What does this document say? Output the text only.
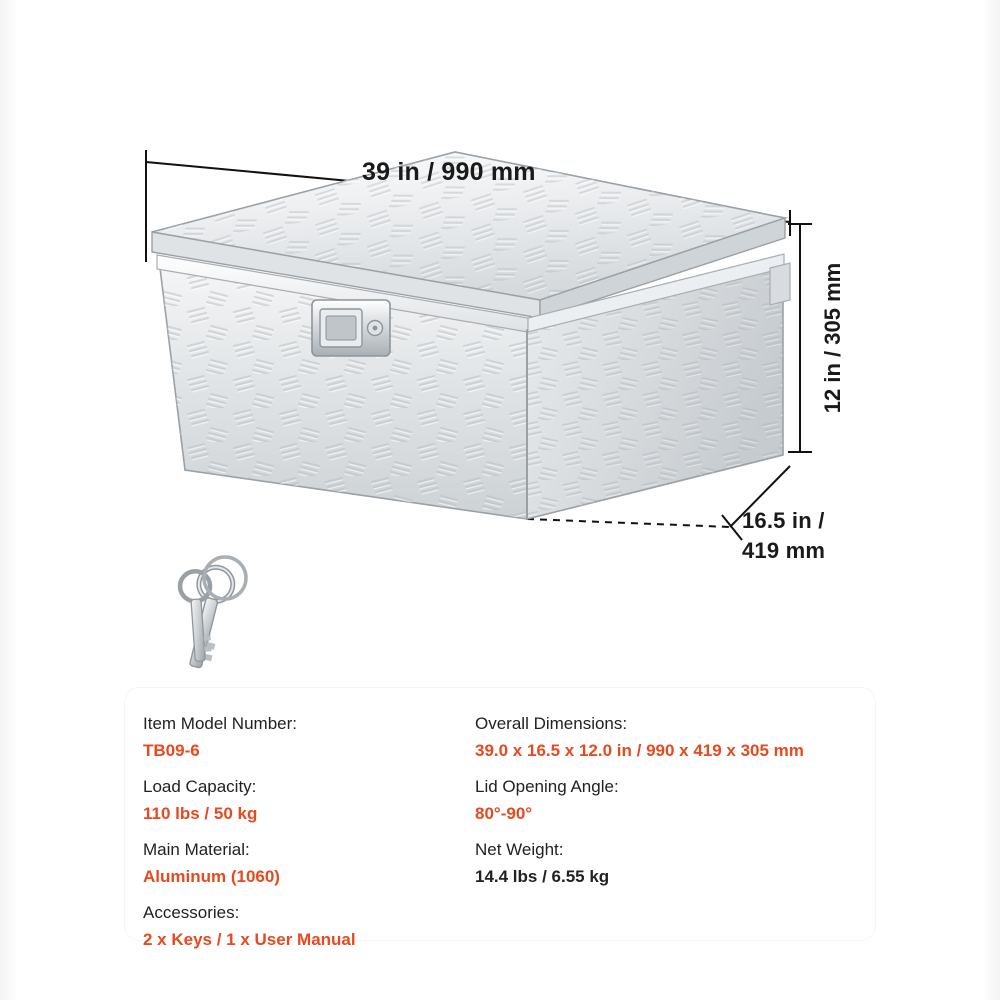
39 in / 990 mm
12 in / 305 mm
16.5 in /
419 mm
Item Model Number:
TB09-6
Load Capacity:
110 lbs / 50 kg
Main Material:
Aluminum (1060)
Accessories:
2 x Keys / 1 x User Manual
Overall Dimensions:
39.0 x 16.5 x 12.0 in / 990 x 419 x 305 mm
Lid Opening Angle:
80°-90°
Net Weight:
14.4 lbs / 6.55 kg
